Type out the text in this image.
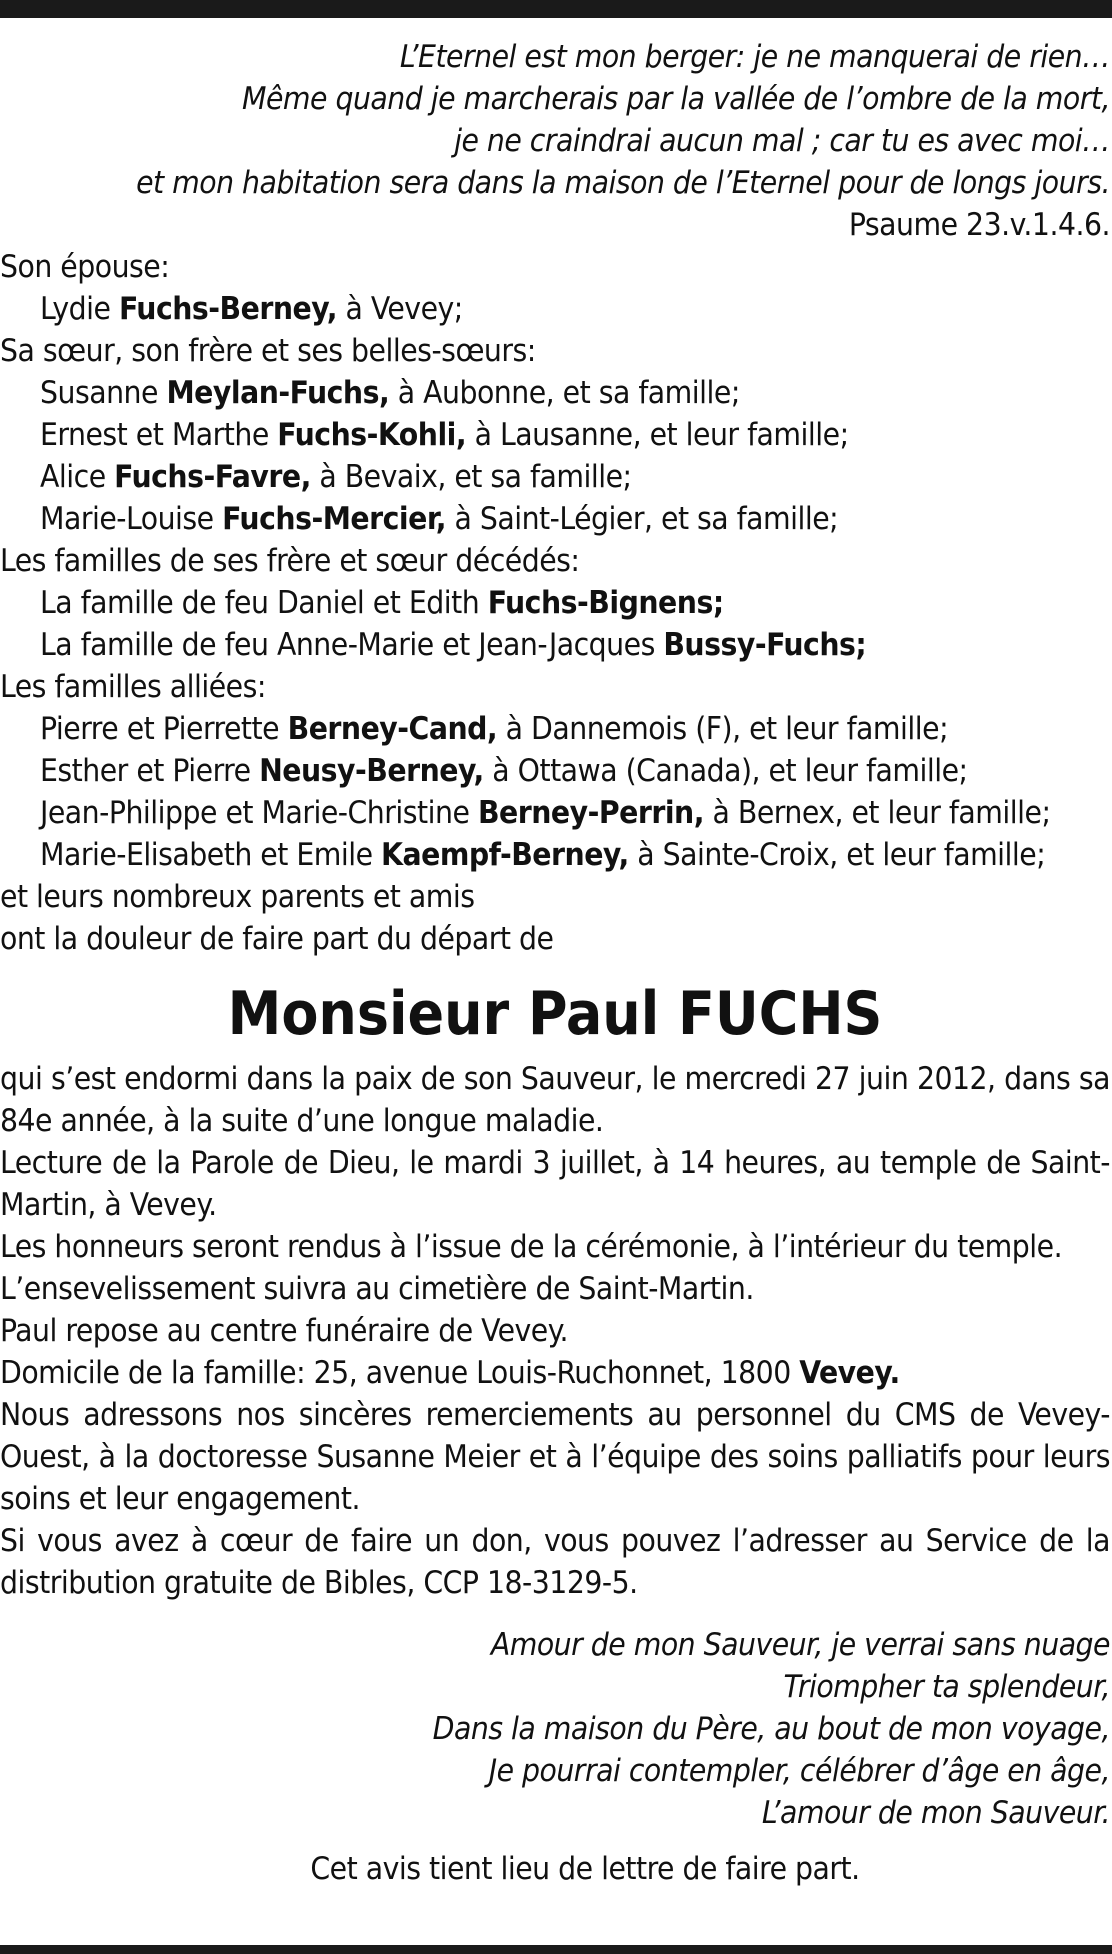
L’Eternel est mon berger: je ne manquerai de rien…
Même quand je marcherais par la vallée de l’ombre de la mort,
je ne craindrai aucun mal ; car tu es avec moi…
et mon habitation sera dans la maison de l’Eternel pour de longs jours.
Psaume 23.v.1.4.6.
Son épouse:
Lydie Fuchs-Berney, à Vevey;
Sa sœur, son frère et ses belles-sœurs:
Susanne Meylan-Fuchs, à Aubonne, et sa famille;
Ernest et Marthe Fuchs-Kohli, à Lausanne, et leur famille;
Alice Fuchs-Favre, à Bevaix, et sa famille;
Marie-Louise Fuchs-Mercier, à Saint-Légier, et sa famille;
Les familles de ses frère et sœur décédés:
La famille de feu Daniel et Edith Fuchs-Bignens;
La famille de feu Anne-Marie et Jean-Jacques Bussy-Fuchs;
Les familles alliées:
Pierre et Pierrette Berney-Cand, à Dannemois (F), et leur famille;
Esther et Pierre Neusy-Berney, à Ottawa (Canada), et leur famille;
Jean-Philippe et Marie-Christine Berney-Perrin, à Bernex, et leur famille;
Marie-Elisabeth et Emile Kaempf-Berney, à Sainte-Croix, et leur famille;
et leurs nombreux parents et amis
ont la douleur de faire part du départ de
Monsieur Paul FUCHS
qui s’est endormi dans la paix de son Sauveur, le mercredi 27 juin 2012, dans sa 84e année, à la suite d’une longue maladie.
Lecture de la Parole de Dieu, le mardi 3 juillet, à 14 heures, au temple de Saint-Martin, à Vevey.
Les honneurs seront rendus à l’issue de la cérémonie, à l’intérieur du temple.
L’ensevelissement suivra au cimetière de Saint-Martin.
Paul repose au centre funéraire de Vevey.
Domicile de la famille: 25, avenue Louis-Ruchonnet, 1800 Vevey.
Nous adressons nos sincères remerciements au personnel du CMS de Vevey-Ouest, à la doctoresse Susanne Meier et à l’équipe des soins palliatifs pour leurs soins et leur engagement.
Si vous avez à cœur de faire un don, vous pouvez l’adresser au Service de la distribution gratuite de Bibles, CCP 18-3129-5.
Amour de mon Sauveur, je verrai sans nuage
Triompher ta splendeur,
Dans la maison du Père, au bout de mon voyage,
Je pourrai contempler, célébrer d’âge en âge,
L’amour de mon Sauveur.
Cet avis tient lieu de lettre de faire part.
